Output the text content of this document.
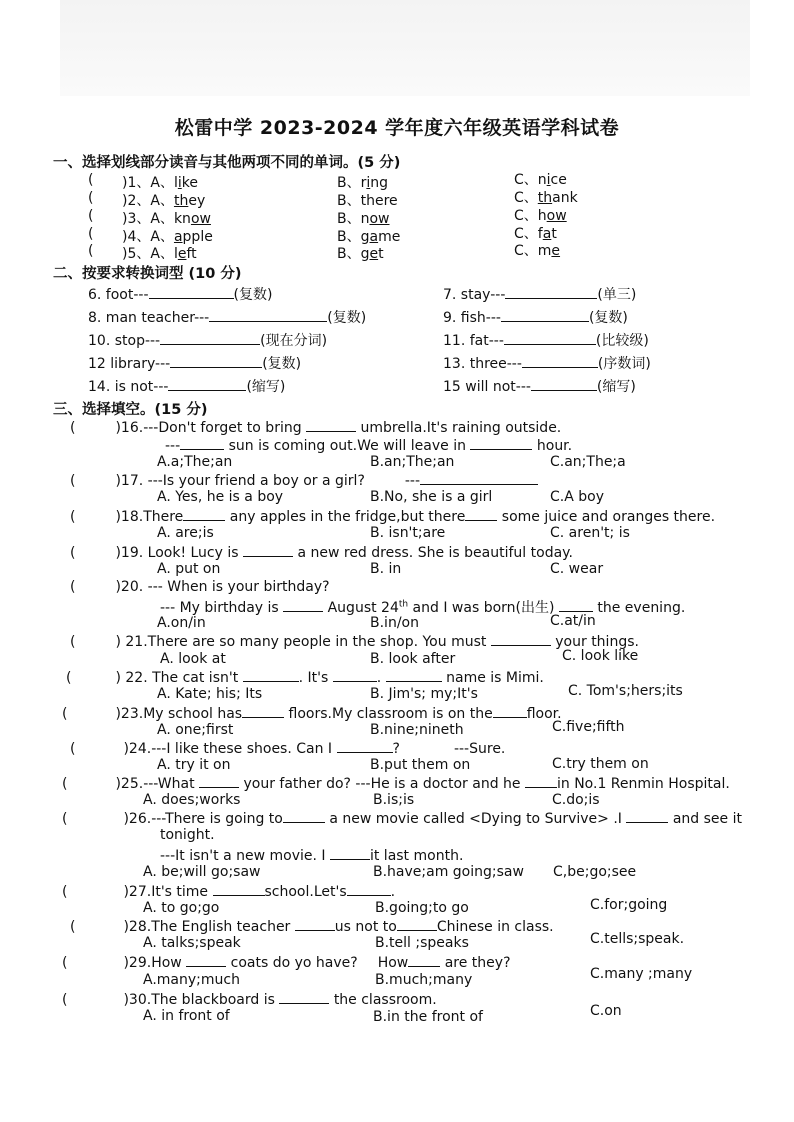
松雷中学 2023-2024 学年度六年级英语学科试卷
一、选择划线部分读音与其他两项不同的单词。(5 分)
( )1、A、like	B、ring	C、nice
( )2、A、they	B、there	C、thank
( )3、A、know	B、now	C、how
( )4、A、apple	B、game	C、fat
( )5、A、left	B、get	C、me
二、按要求转换词型 (10 分)
6. foot---	(复数)	7. stay---	(单三)
8. man teacher---	(复数)	9. fish---	(复数)
10. stop---	(现在分词)	11. fat---	(比较级)
12 library---	(复数)	13. three---	(序数词)
14. is not---	(缩写)	15 will not---	(缩写)
三、选择填空。(15 分)
(	)16.---Don't forget to bring	umbrella.It's raining outside.
---	sun is coming out.We will leave in	hour.
A.a;The;an	B.an;The;an	C.an;The;a
(	)17. ---Is your friend a boy or a girl?	---
A. Yes, he is a boy	B.No, she is a girl	C.A boy
(	)18.There	any apples in the fridge,but there	some juice and oranges there.
A. are;is	B. isn't;are	C. aren't; is
(	)19. Look! Lucy is	a new red dress. She is beautiful today.
A. put on	B. in	C. wear
(	)20. --- When is your birthday?
--- My birthday is	August 24th and I was born(出生)	the evening.
A.on/in	B.in/on	C.at/in
(	) 21.There are so many people in the shop. You must	your things.
A. look at	B. look after	C. look like
(	) 22. The cat isn't	. It's	.	name is Mimi.
A. Kate; his; Its	B. Jim's; my;It's	C. Tom's;hers;its
(	)23.My school has	floors.My classroom is on the floor.
A. one;first	B.nine;nineth	C.five;fifth
(	)24.---I like these shoes. Can I	?	---Sure.
A. try it on	B.put them on	C.try them on
(	)25.---What	your father do? ---He is a doctor and he	in No.1 Renmin Hospital.
A. does;works	B.is;is	C.do;is
(	)26.---There is going to	a new movie called <Dying to Survive> .I	and see it
tonight.
---It isn't a new movie. I	it last month.
A. be;will go;saw	B.have;am going;saw C,be;go;see
(	)27.It's time	school.Let's	.
A. to go;go	B.going;to go	C.for;going
(	)28.The English teacher	us not to	Chinese in class.
A. talks;speak	B.tell ;speaks	C.tells;speak.
(	)29.How	coats do yo have? How	are they?
A.many;much	B.much;many	C.many ;many
(	)30.The blackboard is	the classroom.
A. in front of	B.in the front of	C.on
